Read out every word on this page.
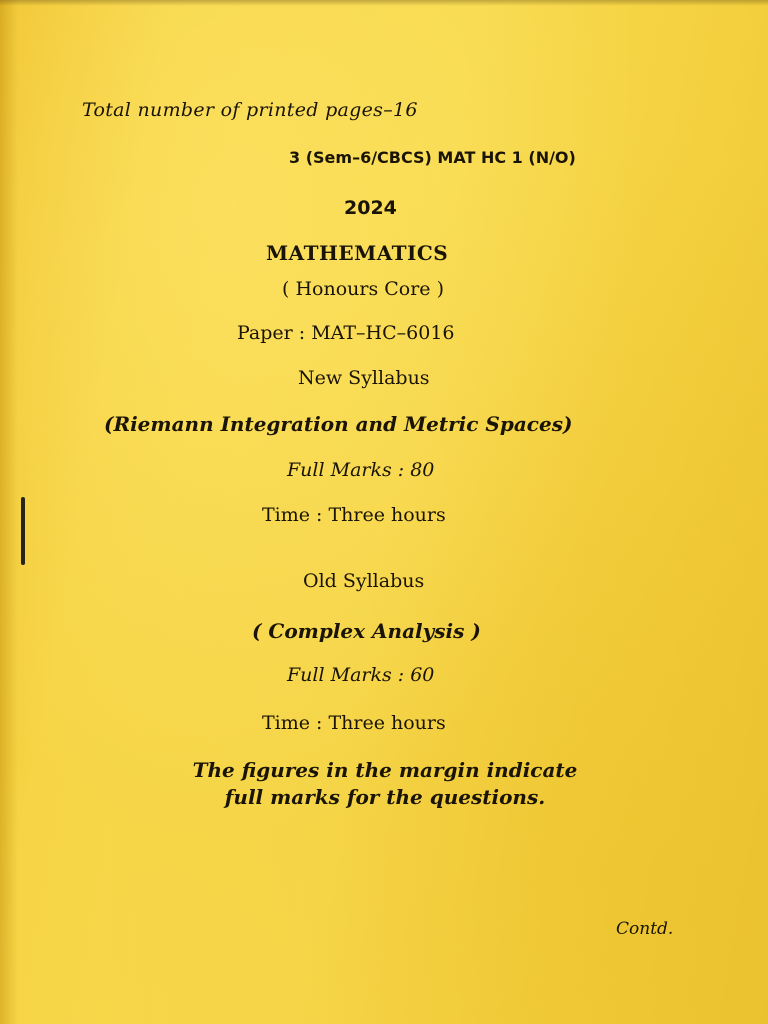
Total number of printed pages–16
3 (Sem–6/CBCS) MAT HC 1 (N/O)
2024
MATHEMATICS
( Honours Core )
Paper : MAT–HC–6016
New Syllabus
(Riemann Integration and Metric Spaces)
Full Marks : 80
Time : Three hours
Old Syllabus
( Complex Analysis )
Full Marks : 60
Time : Three hours
The figures in the margin indicate
full marks for the questions.
Contd.
